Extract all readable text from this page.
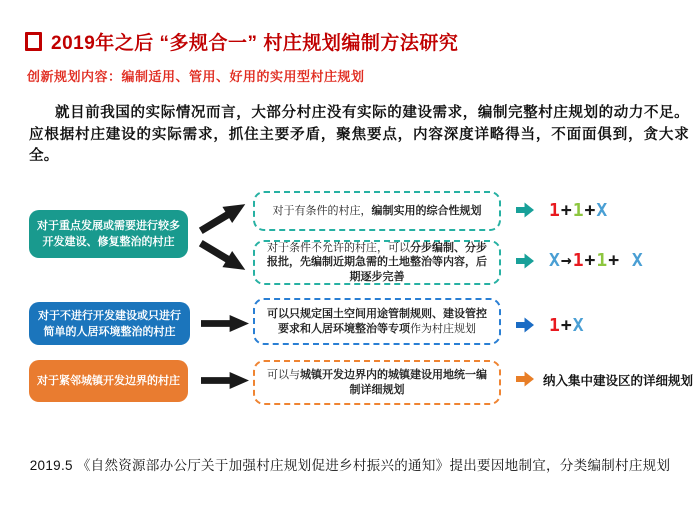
2019年之后 “多规合一” 村庄规划编制方法研究
创新规划内容：编制适用、管用、好用的实用型村庄规划

就目前我国的实际情况而言，大部分村庄没有实际的建设需求，编制完整村庄规划的动力不足。应根据村庄建设的实际需求，抓住主要矛盾，聚焦要点，内容深度详略得当，不面面俱到，贪大求全。

对于重点发展或需要进行较多开发建设、修复整治的村庄
对于不进行开发建设或只进行简单的人居环境整治的村庄
对于紧邻城镇开发边界的村庄
对于有条件的村庄，编制实用的综合性规划
对于条件不允许的村庄，可以分步编制、分步报批，先编制近期急需的土地整治等内容，后期逐步完善
可以只规定国土空间用途管制规则、建设管控要求和人居环境整治等专项作为村庄规划
可以与城镇开发边界内的城镇建设用地统一编制详细规划
1+1+X
X→1+1+ X
1+X
纳入集中建设区的详细规划
2019.5 《自然资源部办公厅关于加强村庄规划促进乡村振兴的通知》提出要因地制宜，分类编制村庄规划
